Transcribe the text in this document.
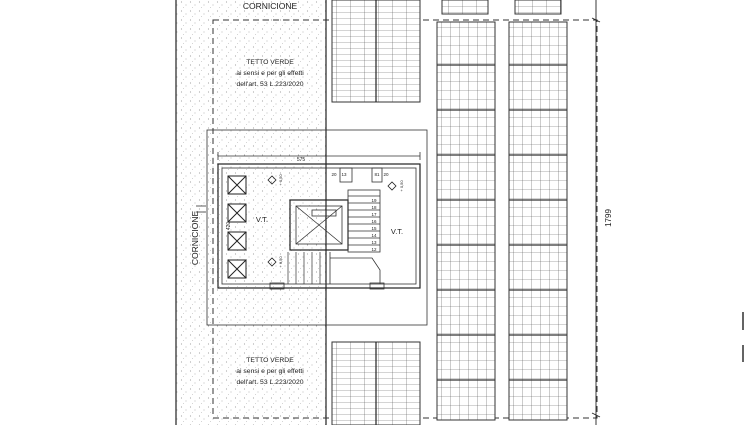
CORNICIONE
CORNICIONE
TETTO VERDE
ai sensi e per gli effetti
dell'art. 53 L.223/2020
TETTO VERDE
ai sensi e per gli effetti
dell'art. 53 L.223/2020
V.T.
V.T.
1799
575
420
20 13	81 20
19
18
17
16
15
14
13
12
+ 0,50
+ 0,50
+ 0,50
